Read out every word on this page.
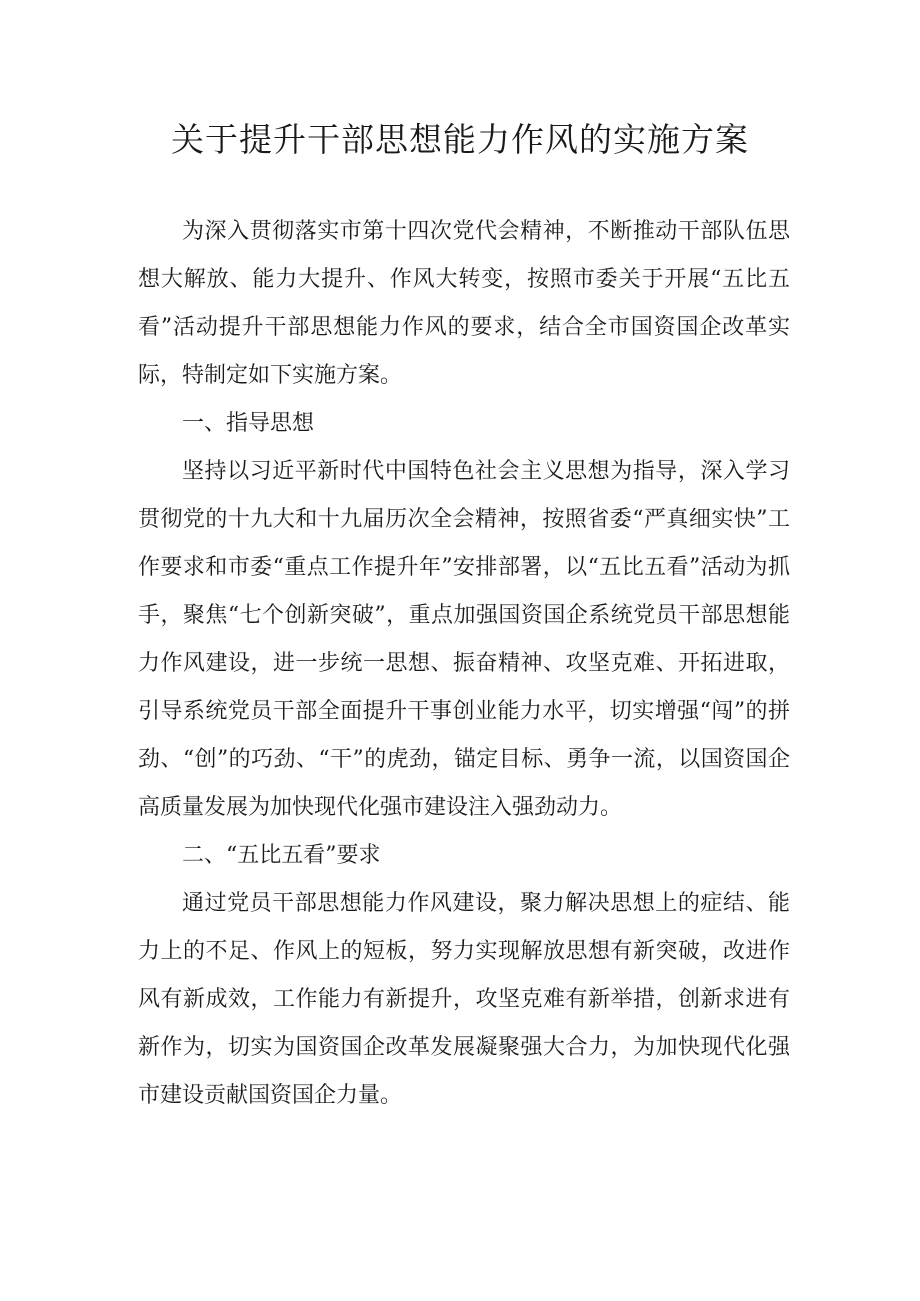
关于提升干部思想能力作风的实施方案

为深入贯彻落实市第十四次党代会精神，不断推动干部队伍思想大解放、能力大提升、作风大转变，按照市委关于开展“五比五看”活动提升干部思想能力作风的要求，结合全市国资国企改革实际，特制定如下实施方案。

一、指导思想

坚持以习近平新时代中国特色社会主义思想为指导，深入学习贯彻党的十九大和十九届历次全会精神，按照省委“严真细实快”工作要求和市委“重点工作提升年”安排部署，以“五比五看”活动为抓手，聚焦“七个创新突破”，重点加强国资国企系统党员干部思想能力作风建设，进一步统一思想、振奋精神、攻坚克难、开拓进取，引导系统党员干部全面提升干事创业能力水平，切实增强“闯”的拼劲、“创”的巧劲、“干”的虎劲，锚定目标、勇争一流，以国资国企高质量发展为加快现代化强市建设注入强劲动力。

二、“五比五看”要求

通过党员干部思想能力作风建设，聚力解决思想上的症结、能力上的不足、作风上的短板，努力实现解放思想有新突破，改进作风有新成效，工作能力有新提升，攻坚克难有新举措，创新求进有新作为，切实为国资国企改革发展凝聚强大合力，为加快现代化强市建设贡献国资国企力量。
